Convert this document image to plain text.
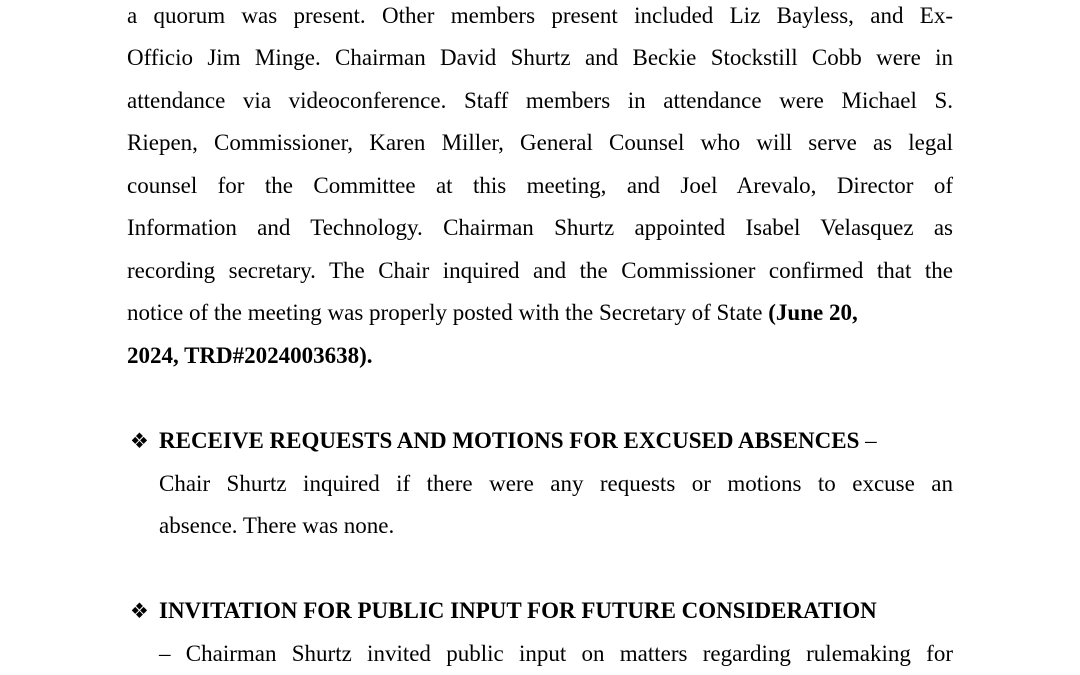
a quorum was present. Other members present included Liz Bayless, and Ex-
Officio Jim Minge. Chairman David Shurtz and Beckie Stockstill Cobb were in
attendance via videoconference. Staff members in attendance were Michael S.
Riepen, Commissioner, Karen Miller, General Counsel who will serve as legal
counsel for the Committee at this meeting, and Joel Arevalo, Director of
Information and Technology. Chairman Shurtz appointed Isabel Velasquez as
recording secretary. The Chair inquired and the Commissioner confirmed that the
notice of the meeting was properly posted with the Secretary of State (June 20,
2024, TRD#2024003638).
❖ RECEIVE REQUESTS AND MOTIONS FOR EXCUSED ABSENCES –
Chair Shurtz inquired if there were any requests or motions to excuse an
absence. There was none.
❖ INVITATION FOR PUBLIC INPUT FOR FUTURE CONSIDERATION
– Chairman Shurtz invited public input on matters regarding rulemaking for
